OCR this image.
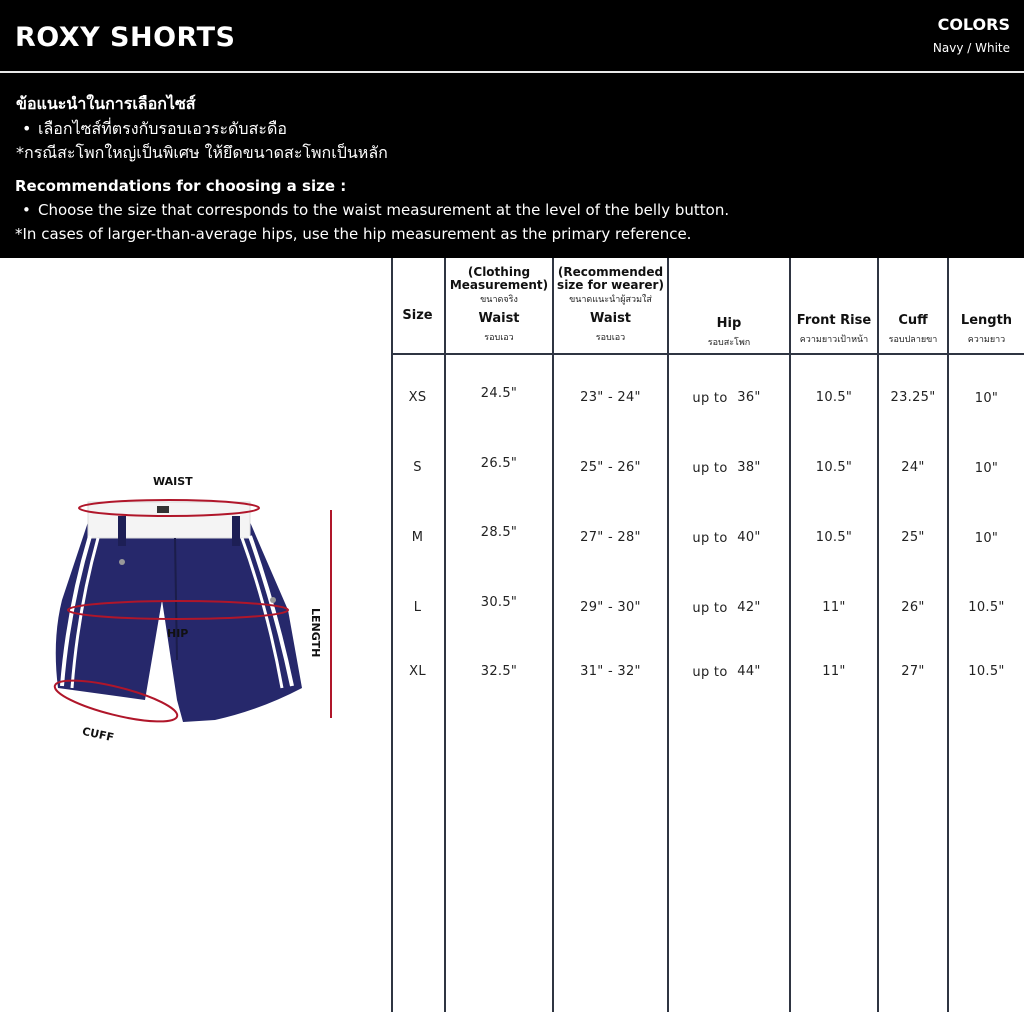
ROXY SHORTS	COLORS
Navy / White
ข้อแนะนำในการเลือกไซส์
• เลือกไซส์ที่ตรงกับรอบเอวระดับสะดือ
*กรณีสะโพกใหญ่เป็นพิเศษ ให้ยึดขนาดสะโพกเป็นหลัก
Recommendations for choosing a size :
• Choose the size that corresponds to the waist measurement at the level of the belly button.
*In cases of larger-than-average hips, use the hip measurement as the primary reference.
WAIST
HIP
CUFF
LENGTH
Size
(Clothing
Measurement)
ขนาดจริง
Waist
รอบเอว
(Recommended
size for wearer)
ขนาดแนะนำผู้สวมใส่
Waist
รอบเอว
Hip
รอบสะโพก
Front Rise
ความยาวเป้าหน้า
Cuff
รอบปลายขา
Length
ความยาว
XS	24.5"	23" - 24"	up to 36"	10.5"	23.25"	10"
S	26.5"	25" - 26"	up to 38"	10.5"	24"	10"
M	28.5"	27" - 28"	up to 40"	10.5"	25"	10"
L	30.5"	29" - 30"	up to 42"	11"	26"	10.5"
XL	32.5"	31" - 32"	up to 44"	11"	27"	10.5"
